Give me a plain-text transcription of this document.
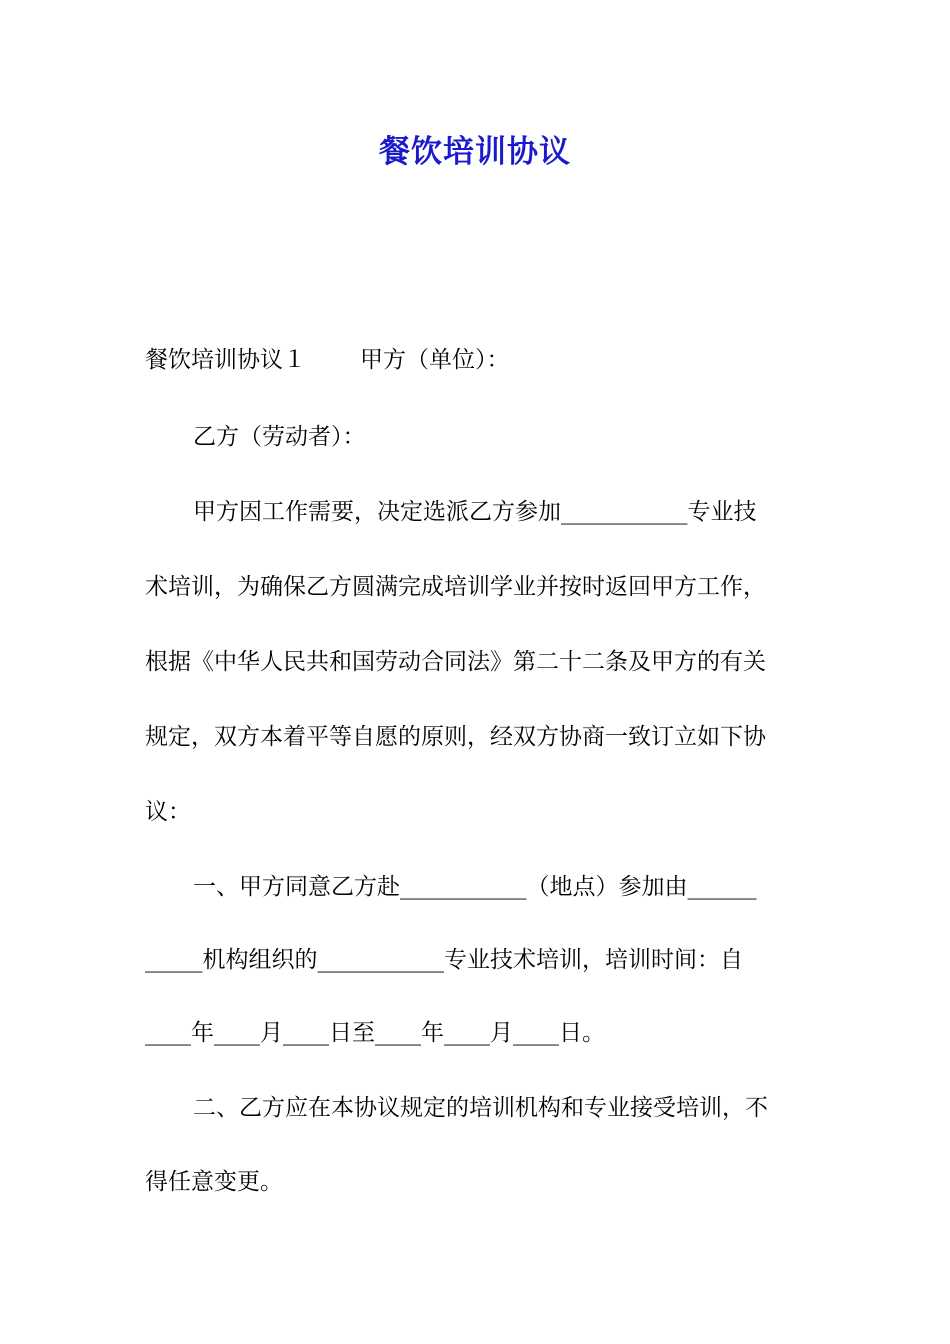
餐饮培训协议
餐饮培训协议１ 甲方（单位）：
乙方（劳动者）：
甲方因工作需要，决定选派乙方参加___________专业技
术培训，为确保乙方圆满完成培训学业并按时返回甲方工作，
根据《中华人民共和国劳动合同法》第二十二条及甲方的有关
规定，双方本着平等自愿的原则，经双方协商一致订立如下协
议：
一、甲方同意乙方赴___________（地点）参加由______
_____机构组织的___________专业技术培训，培训时间：自
____年____月____日至____年____月____日。
二、乙方应在本协议规定的培训机构和专业接受培训，不
得任意变更。
